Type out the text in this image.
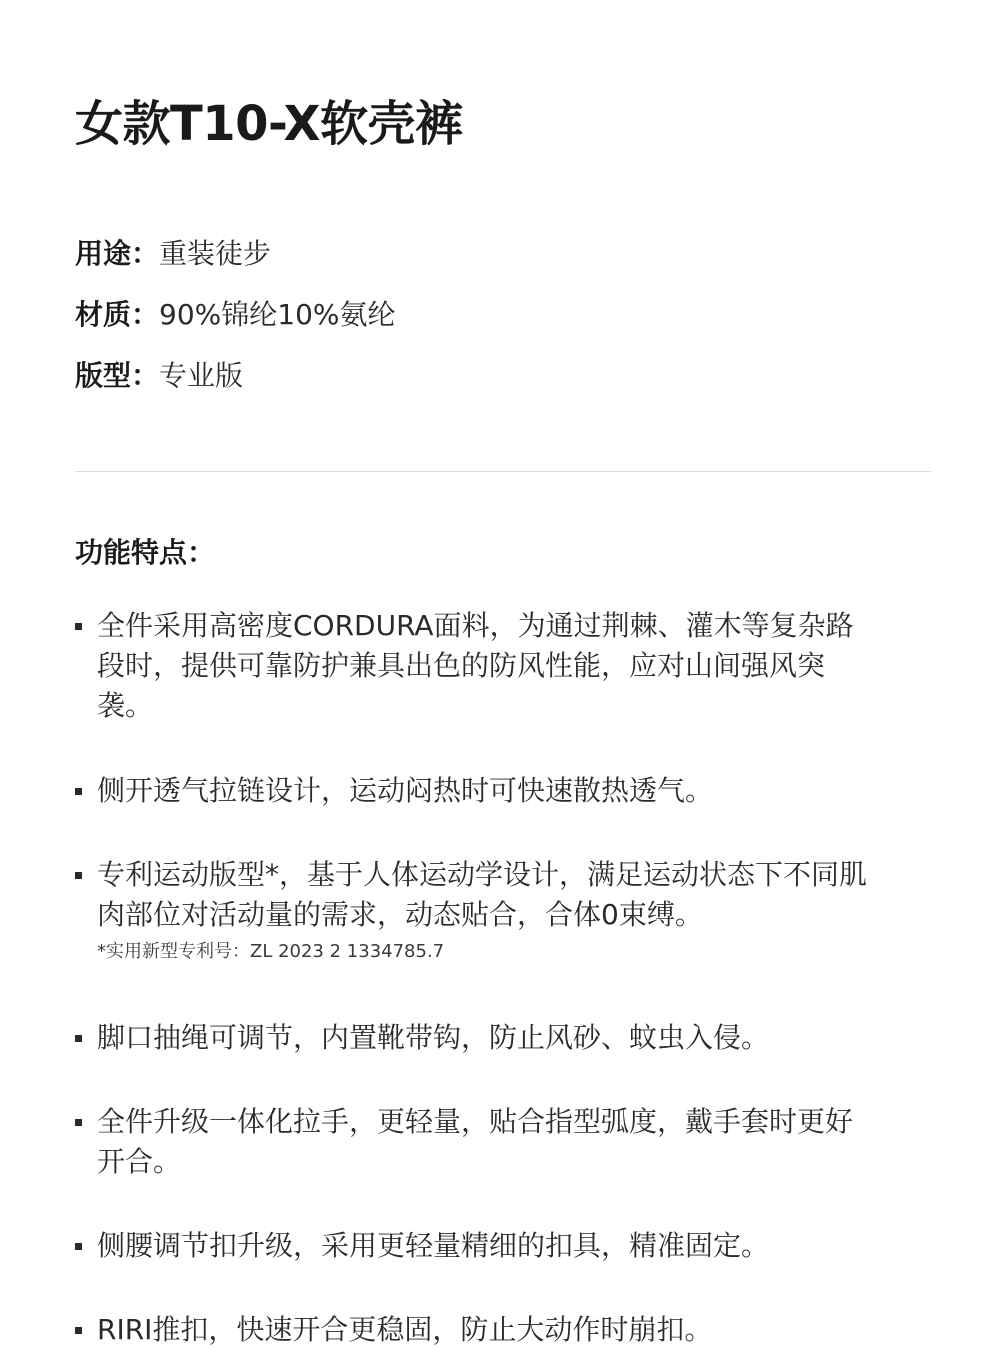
女款T10-X软壳裤
用途：重装徒步
材质：90%锦纶10%氨纶
版型：专业版
功能特点：
全件采用高密度CORDURA面料，为通过荆棘、灌木等复杂路段时，提供可靠防护兼具出色的防风性能，应对山间强风突袭。
侧开透气拉链设计，运动闷热时可快速散热透气。
专利运动版型*，基于人体运动学设计，满足运动状态下不同肌肉部位对活动量的需求，动态贴合，合体0束缚。
*实用新型专利号：ZL 2023 2 1334785.7
脚口抽绳可调节，内置靴带钩，防止风砂、蚊虫入侵。
全件升级一体化拉手，更轻量，贴合指型弧度，戴手套时更好开合。
侧腰调节扣升级，采用更轻量精细的扣具，精准固定。
RIRI推扣，快速开合更稳固，防止大动作时崩扣。
